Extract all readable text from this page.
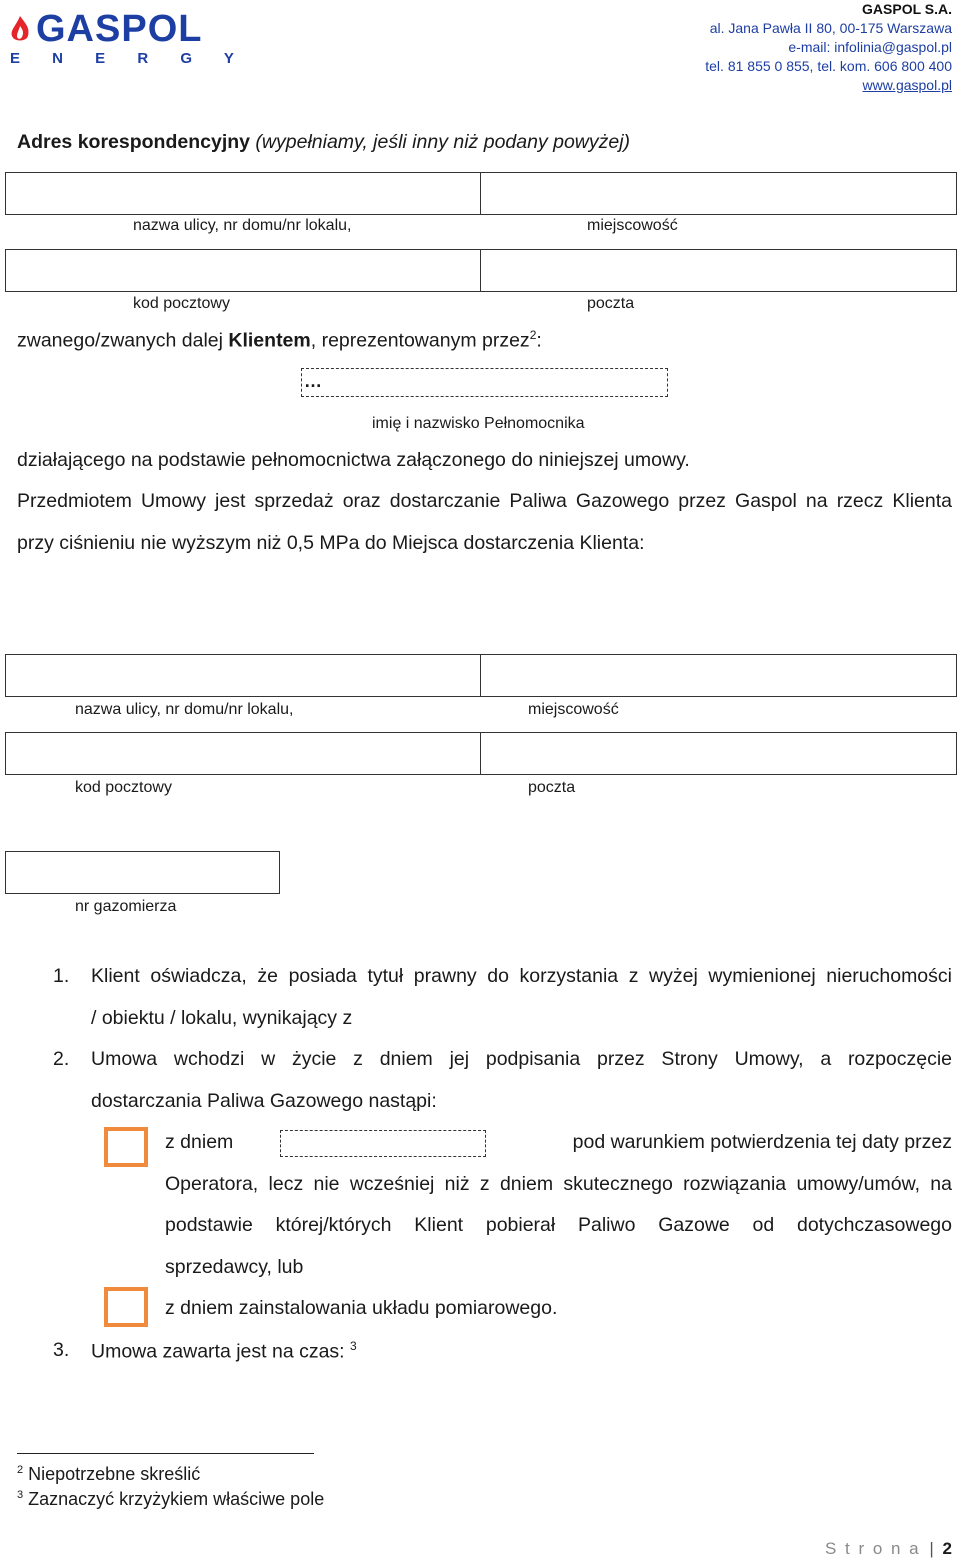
GASPOL
E N E R G Y
GASPOL S.A.
al. Jana Pawła II 80, 00-175 Warszawa
e-mail: infolinia@gaspol.pl
tel. 81 855 0 855, tel. kom. 606 800 400
www.gaspol.pl
Adres korespondencyjny (wypełniamy, jeśli inny niż podany powyżej)
nazwa ulicy, nr domu/nr lokalu,	miejscowość
kod pocztowy	poczta
zwanego/zwanych dalej Klientem, reprezentowanym przez$^2$:
…
imię i nazwisko Pełnomocnika
działającego na podstawie pełnomocnictwa załączonego do niniejszej umowy.
Przedmiotem Umowy jest sprzedaż oraz dostarczanie Paliwa Gazowego przez Gaspol na rzecz Klienta
przy ciśnieniu nie wyższym niż 0,5 MPa do Miejsca dostarczenia Klienta:
nazwa ulicy, nr domu/nr lokalu,	miejscowość
kod pocztowy	poczta
nr gazomierza
1. Klient oświadcza, że posiada tytuł prawny do korzystania z wyżej wymienionej nieruchomości
/ obiektu / lokalu, wynikający z
2. Umowa wchodzi w życie z dniem jej podpisania przez Strony Umowy, a rozpoczęcie
dostarczania Paliwa Gazowego nastąpi:
z dniem	pod warunkiem potwierdzenia tej daty przez
Operatora, lecz nie wcześniej niż z dniem skutecznego rozwiązania umowy/umów, na
podstawie której/których Klient pobierał Paliwo Gazowe od dotychczasowego
sprzedawcy, lub
z dniem zainstalowania układu pomiarowego.
3. Umowa zawarta jest na czas: $^3$
$^2$ Niepotrzebne skreślić
$^3$ Zaznaczyć krzyżykiem właściwe pole
S t r o n a | 2
